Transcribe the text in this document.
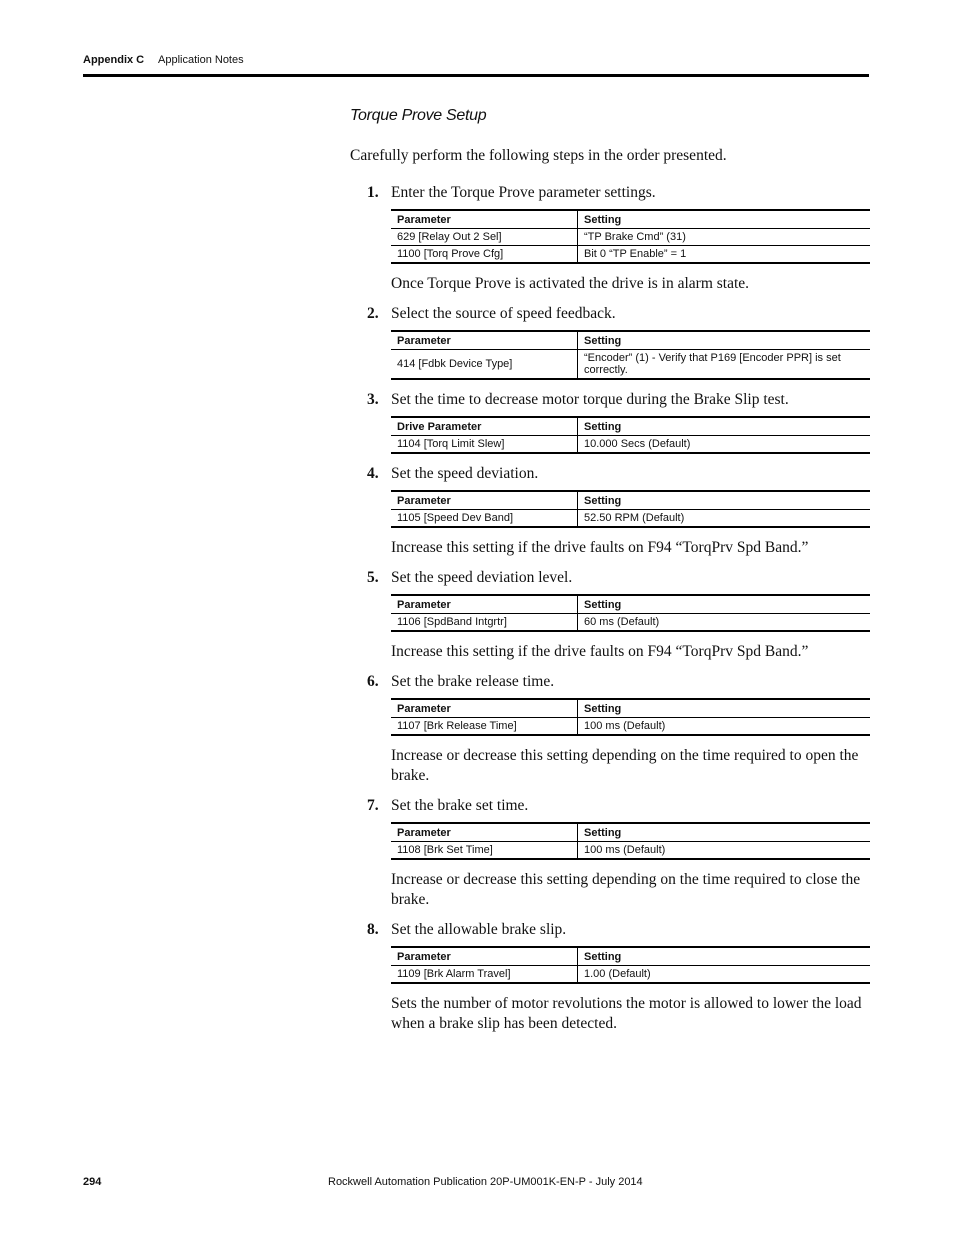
Appendix C Application Notes
Torque Prove Setup

Carefully perform the following steps in the order presented.

1. Enter the Torque Prove parameter settings.
Parameter	Setting
629 [Relay Out 2 Sel]	“TP Brake Cmd” (31)
1100 [Torq Prove Cfg]	Bit 0 “TP Enable” = 1

Once Torque Prove is activated the drive is in alarm state.

2. Select the source of speed feedback.
Parameter	Setting
414 [Fdbk Device Type]	“Encoder” (1) - Verify that P169 [Encoder PPR] is set correctly.
3. Set the time to decrease motor torque during the Brake Slip test.
Drive Parameter	Setting
1104 [Torq Limit Slew]	10.000 Secs (Default)
4. Set the speed deviation.
Parameter	Setting
1105 [Speed Dev Band]	52.50 RPM (Default)

Increase this setting if the drive faults on F94 “TorqPrv Spd Band.”

5. Set the speed deviation level.
Parameter	Setting
1106 [SpdBand Intgrtr]	60 ms (Default)

Increase this setting if the drive faults on F94 “TorqPrv Spd Band.”

6. Set the brake release time.
Parameter	Setting
1107 [Brk Release Time]	100 ms (Default)

Increase or decrease this setting depending on the time required to open the brake.

7. Set the brake set time.
Parameter	Setting
1108 [Brk Set Time]	100 ms (Default)

Increase or decrease this setting depending on the time required to close the brake.

8. Set the allowable brake slip.
Parameter	Setting
1109 [Brk Alarm Travel]	1.00 (Default)

Sets the number of motor revolutions the motor is allowed to lower the load when a brake slip has been detected.

294	Rockwell Automation Publication 20P-UM001K-EN-P - July 2014
